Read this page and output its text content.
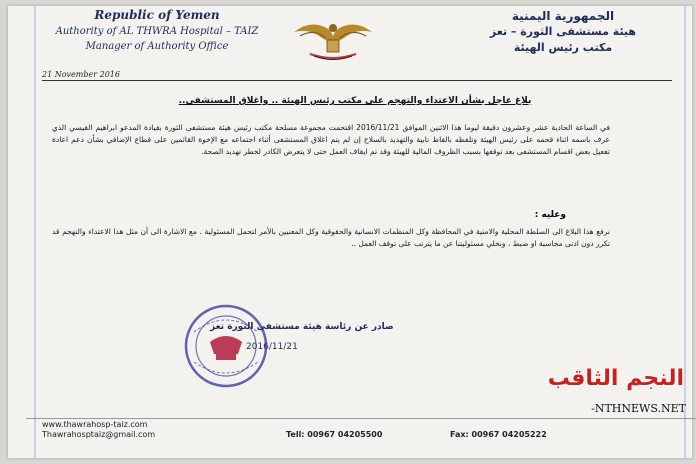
Republic of Yemen
Authority of AL THWRA Hospital – TAIZ
Manager of Authority Office
الجمهورية اليمنية
هيئة مستشفى الثورة – تعز
مكتب رئيس الهيئة
21 November 2016
بلاغ عاجل بشأن الاعتداء والتهجم على مكتب رئيس الهيئة .. واغلاق المستشفى..
في الساعة الحادية عشر وعشرون دقيقة ليوما هذا الاثنين الموافق 2016/11/21 اقتحمت مجموعة مسلحة مكتب رئيس هيئة مستشفى الثورة بقيادة المدعو ابراهيم القيسي الذي عرف باسمه اثناء قحمه على رئيس الهيئة وتلفظه بالفاظ نابية والتهديد بالسلاح إن لم يتم اغلاق المستشفى أثناء اجتماعه مع الإخوة القائمين على قطاع الإضافي بشأن دعم اعادة تفعيل بعض اقسام المستشفى بعد توقفها بسبب الظروف المالية للهيئة وقد تم ايقاف العمل حتى لا يتعرض الكادر لخطر تهديد الصحة.
وعليه :
نرفع هذا البلاغ الى السلطة المحلية والامنية في المحافظة وكل المنظمات الانسانية والحقوقية وكل المعنيين بالأمر لتحمل المسئولية . مع الاشارة الى أن مثل هذا الاعتداء والتهجم قد تكرر دون ادنى محاسبة او ضبط ، ونخلي مسئوليتنا عن ما يترتب على توقف العمل ..
صادر عن رئاسة هيئة مستشفى الثورة تعز
2016/11/21
www.thawrahosp-taiz.com
Thawrahosptaiz@gmail.com	Tell: 00967 04205500	Fax: 00967 04205222
النجم الثاقب
-NTHNEWS.NET
